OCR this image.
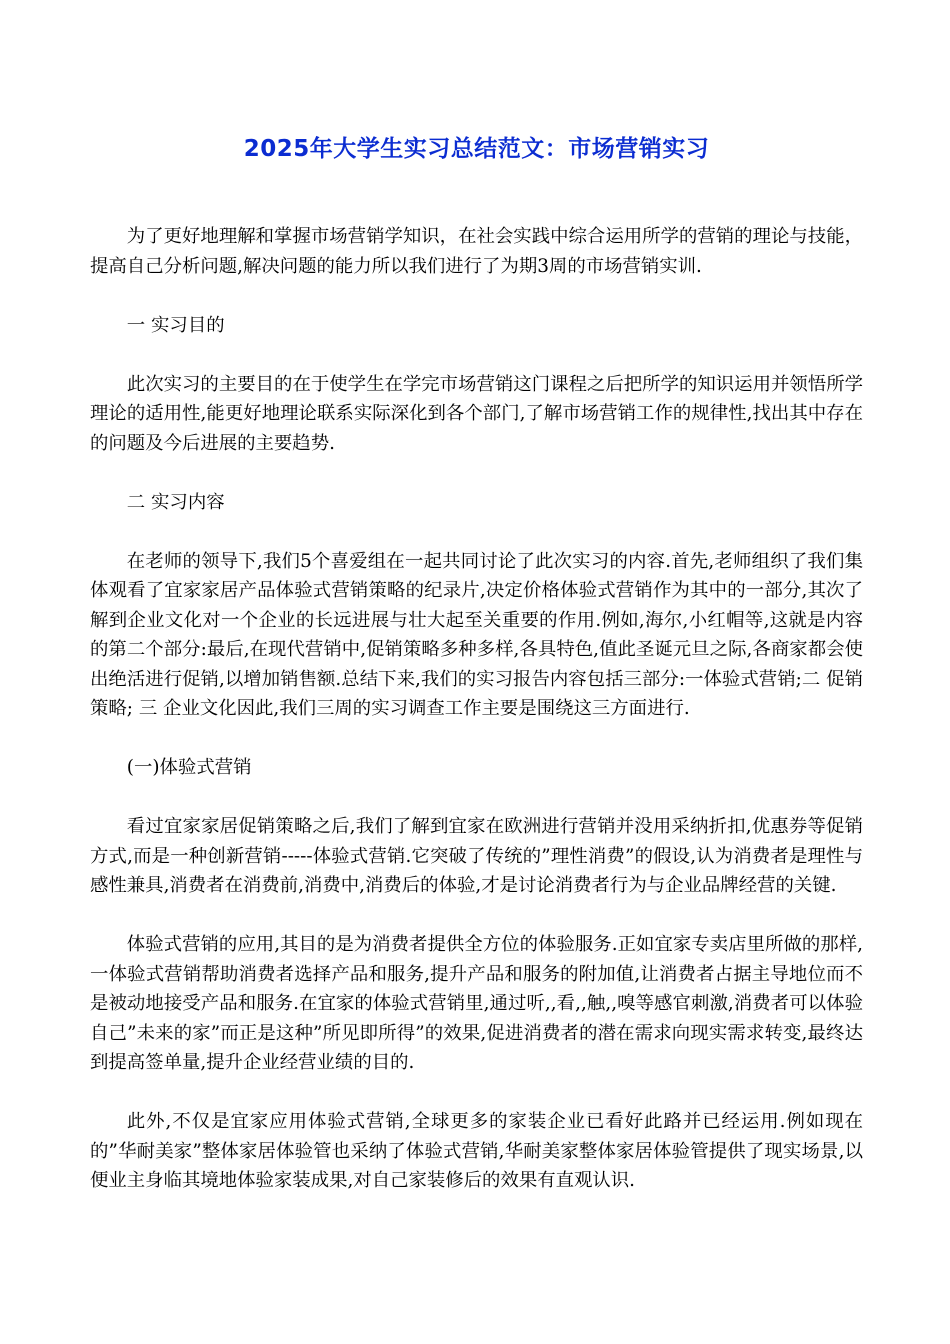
2025年大学生实习总结范文：市场营销实习

为了更好地理解和掌握市场营销学知识，在社会实践中综合运用所学的营销的理论与技能，提高自己分析问题,解决问题的能力所以我们进行了为期3周的市场营销实训.

一 实习目的

此次实习的主要目的在于使学生在学完市场营销这门课程之后把所学的知识运用并领悟所学理论的适用性,能更好地理论联系实际深化到各个部门,了解市场营销工作的规律性,找出其中存在的问题及今后进展的主要趋势.

二 实习内容

在老师的领导下,我们5个喜爱组在一起共同讨论了此次实习的内容.首先,老师组织了我们集体观看了宜家家居产品体验式营销策略的纪录片,决定价格体验式营销作为其中的一部分,其次了解到企业文化对一个企业的长远进展与壮大起至关重要的作用.例如,海尔,小红帽等,这就是内容的第二个部分:最后,在现代营销中,促销策略多种多样,各具特色,值此圣诞元旦之际,各商家都会使出绝活进行促销,以增加销售额.总结下来,我们的实习报告内容包括三部分:一体验式营销;二 促销策略; 三 企业文化因此,我们三周的实习调查工作主要是围绕这三方面进行.

(一)体验式营销

看过宜家家居促销策略之后,我们了解到宜家在欧洲进行营销并没用采纳折扣,优惠券等促销方式,而是一种创新营销-----体验式营销.它突破了传统的”理性消费”的假设,认为消费者是理性与感性兼具,消费者在消费前,消费中,消费后的体验,才是讨论消费者行为与企业品牌经营的关键.

体验式营销的应用,其目的是为消费者提供全方位的体验服务.正如宜家专卖店里所做的那样,一体验式营销帮助消费者选择产品和服务,提升产品和服务的附加值,让消费者占据主导地位而不是被动地接受产品和服务.在宜家的体验式营销里,通过听,,看,,触,,嗅等感官刺激,消费者可以体验自己”未来的家”而正是这种”所见即所得”的效果,促进消费者的潜在需求向现实需求转变,最终达到提高签单量,提升企业经营业绩的目的.

此外,不仅是宜家应用体验式营销,全球更多的家装企业已看好此路并已经运用.例如现在的”华耐美家”整体家居体验管也采纳了体验式营销,华耐美家整体家居体验管提供了现实场景,以便业主身临其境地体验家装成果,对自己家装修后的效果有直观认识.
